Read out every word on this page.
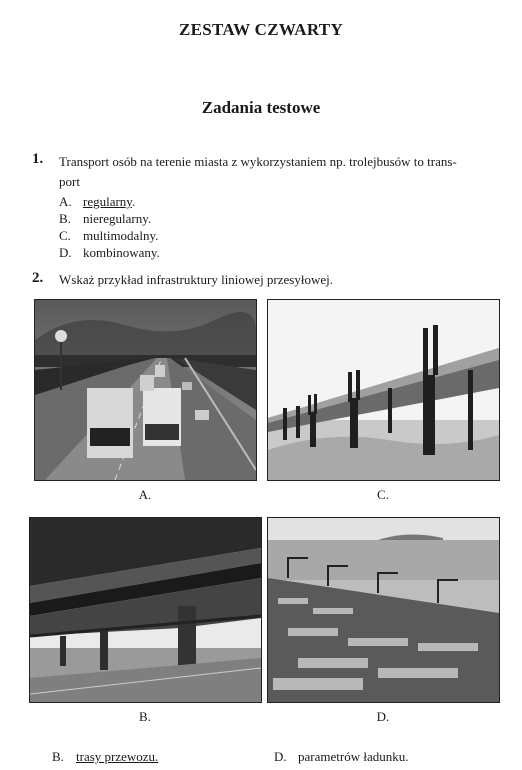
ZESTAW CZWARTY
Zadania testowe
1. Transport osób na terenie miasta z wykorzystaniem np. trolejbusów to trans-
port
A. regularny.
B. nieregularny.
C. multimodalny.
D. kombinowany.
2. Wskaż przykład infrastruktury liniowej przesyłowej.
A.	C.
B.	D.
B. trasy przewozu.	D. parametrów ładunku.
